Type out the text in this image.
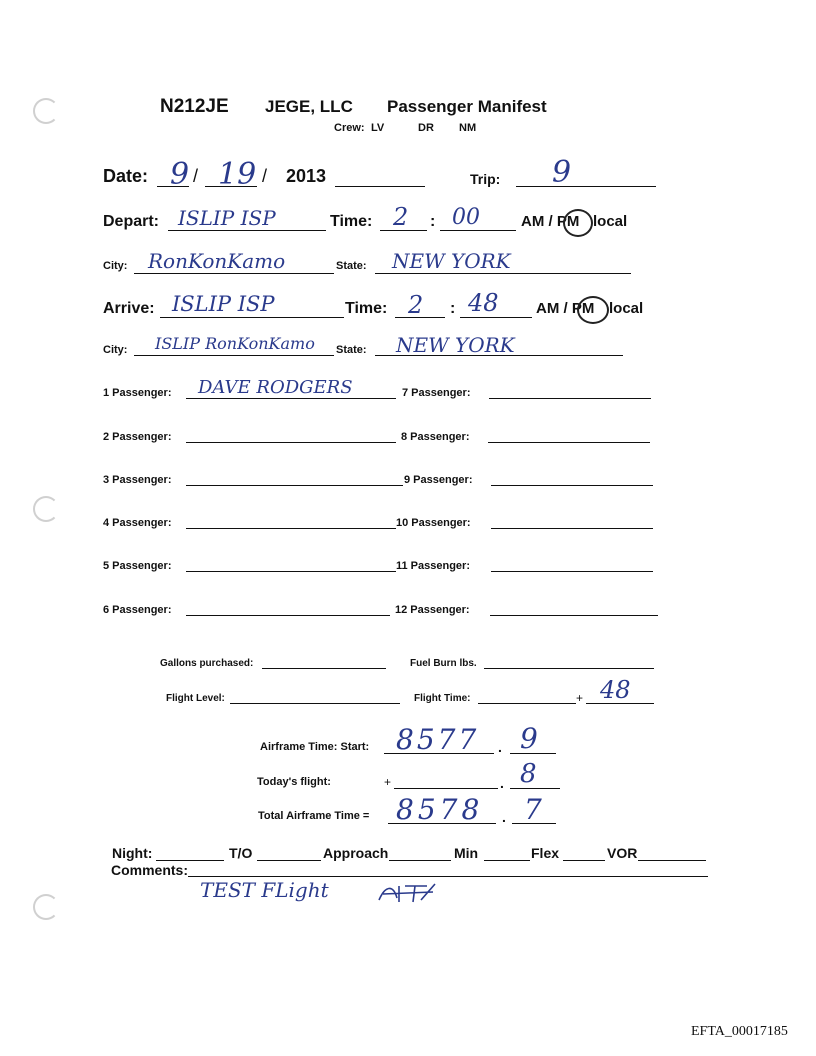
N212JE JEGE, LLC Passenger Manifest
Crew: LV	DR NM
Date: 9 / 19 / 2013	Trip: 9
Depart: ISLIP ISP	Time: 2 : 00	AM / PM local
City: RonKonKamo	State: NEW YORK
Arrive: ISLIP ISP	Time: 2 : 48 AM / PM local
City: ISLIP RonKonKamo State: NEW YORK
1 Passenger: DAVE RODGERS
2 Passenger:
3 Passenger:
4 Passenger:
5 Passenger:
6 Passenger:
7 Passenger:
8 Passenger:
9 Passenger:
10 Passenger:
11 Passenger:
12 Passenger:
Gallons purchased:	Fuel Burn lbs.
Flight Level:	Flight Time:	+ 48
Airframe Time: Start: 8577 . 9
Today's flight:	+	. 8
Total Airframe Time = 8578 . 7
Night:	T/O	Approach	Min	Flex	VOR
Comments:
TEST FLight
EFTA_00017185
